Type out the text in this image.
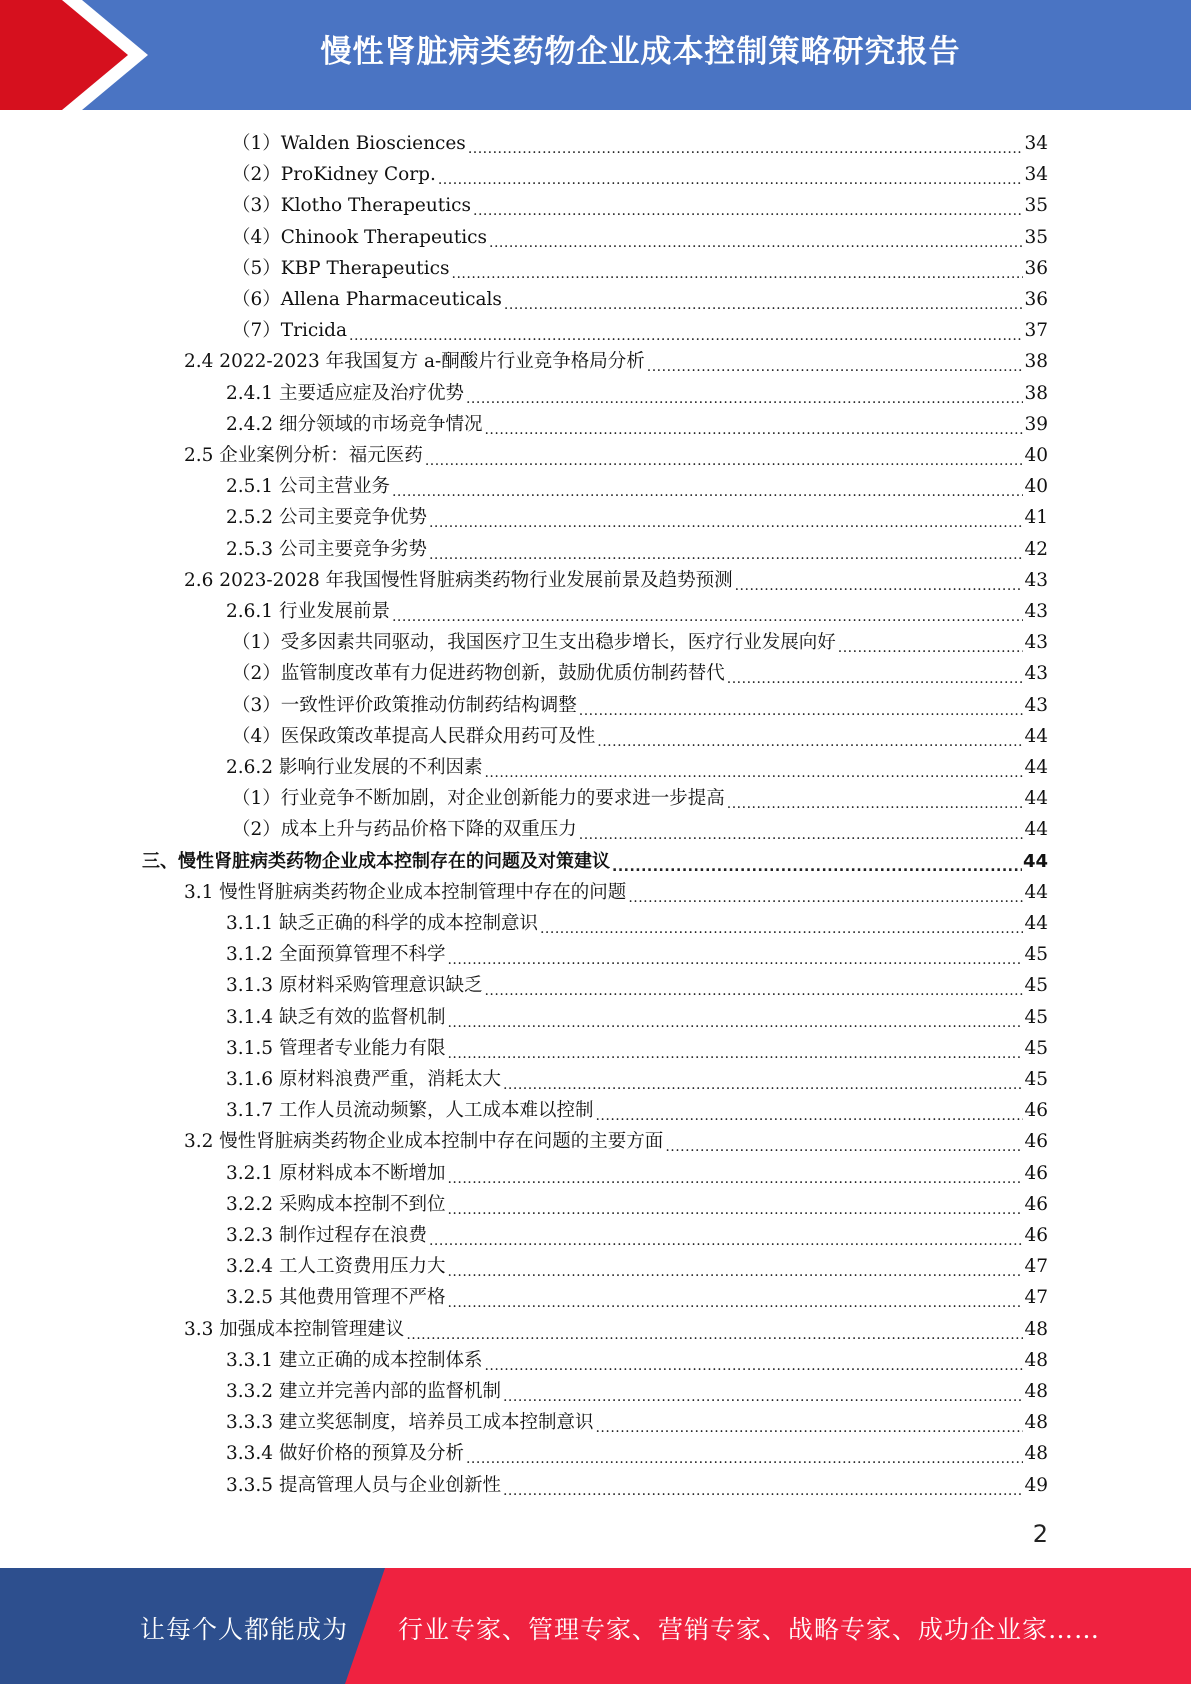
慢性肾脏病类药物企业成本控制策略研究报告
（1）Walden Biosciences .....	34
（2）ProKidney Corp. .....	34
（3）Klotho Therapeutics .....	35
（4）Chinook Therapeutics .....	35
（5）KBP Therapeutics .....	36
（6）Allena Pharmaceuticals .....	36
（7）Tricida .....	37
2.4 2022-2023 年我国复方 a-酮酸片行业竞争格局分析 .....	38
2.4.1 主要适应症及治疗优势 .....	38
2.4.2 细分领域的市场竞争情况 .....	39
2.5 企业案例分析：福元医药 .....	40
2.5.1 公司主营业务 .....	40
2.5.2 公司主要竞争优势 .....	41
2.5.3 公司主要竞争劣势 .....	42
2.6 2023-2028 年我国慢性肾脏病类药物行业发展前景及趋势预测 .....	43
2.6.1 行业发展前景 .....	43
（1）受多因素共同驱动，我国医疗卫生支出稳步增长，医疗行业发展向好 .....	43
（2）监管制度改革有力促进药物创新，鼓励优质仿制药替代 .....	43
（3）一致性评价政策推动仿制药结构调整 .....	43
（4）医保政策改革提高人民群众用药可及性 .....	44
2.6.2 影响行业发展的不利因素 .....	44
（1）行业竞争不断加剧，对企业创新能力的要求进一步提高 .....	44
（2）成本上升与药品价格下降的双重压力 .....	44
三、慢性肾脏病类药物企业成本控制存在的问题及对策建议 .....	44
3.1 慢性肾脏病类药物企业成本控制管理中存在的问题 .....	44
3.1.1 缺乏正确的科学的成本控制意识 .....	44
3.1.2 全面预算管理不科学 .....	45
3.1.3 原材料采购管理意识缺乏 .....	45
3.1.4 缺乏有效的监督机制 .....	45
3.1.5 管理者专业能力有限 .....	45
3.1.6 原材料浪费严重，消耗太大 .....	45
3.1.7 工作人员流动频繁，人工成本难以控制 .....	46
3.2 慢性肾脏病类药物企业成本控制中存在问题的主要方面 .....	46
3.2.1 原材料成本不断增加 .....	46
3.2.2 采购成本控制不到位 .....	46
3.2.3 制作过程存在浪费 .....	46
3.2.4 工人工资费用压力大 .....	47
3.2.5 其他费用管理不严格 .....	47
3.3 加强成本控制管理建议 .....	48
3.3.1 建立正确的成本控制体系 .....	48
3.3.2 建立并完善内部的监督机制 .....	48
3.3.3 建立奖惩制度，培养员工成本控制意识 .....	48
3.3.4 做好价格的预算及分析 .....	48
3.3.5 提高管理人员与企业创新性 .....	49
2
让每个人都能成为 行业专家、管理专家、营销专家、战略专家、成功企业家……
